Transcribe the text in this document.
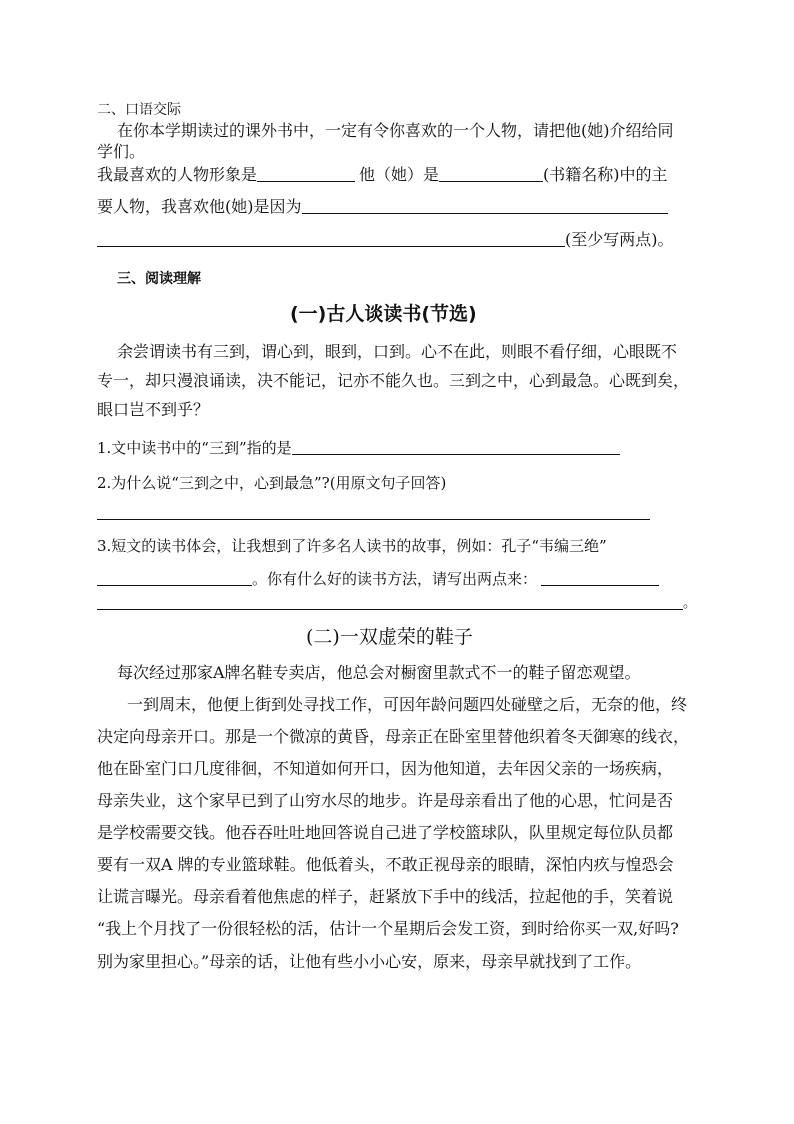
二、口语交际
在你本学期读过的课外书中，一定有令你喜欢的一个人物，请把他(她)介绍给同
学们。
我最喜欢的人物形象是	他（她）是	(书籍名称)中的主
要人物，我喜欢他(她)是因为
(至少写两点)。
三、阅读理解
(一)古人谈读书(节选)
余尝谓读书有三到，谓心到，眼到，口到。心不在此，则眼不看仔细，心眼既不
专一，却只漫浪诵读，决不能记，记亦不能久也。三到之中，心到最急。心既到矣，
眼口岂不到乎？
1.文中读书中的“三到”指的是
2.为什么说“三到之中，心到最急”?(用原文句子回答)
3.短文的读书体会，让我想到了许多名人读书的故事，例如：孔子“韦编三绝”
。你有什么好的读书方法，请写出两点来：
。
(二)一双虚荣的鞋子
每次经过那家A牌名鞋专卖店，他总会对橱窗里款式不一的鞋子留恋观望。
一到周末，他便上街到处寻找工作，可因年龄问题四处碰壁之后，无奈的他，终
决定向母亲开口。那是一个微凉的黄昏，母亲正在卧室里替他织着冬天御寒的线衣，
他在卧室门口几度徘徊，不知道如何开口，因为他知道，去年因父亲的一场疾病，
母亲失业，这个家早已到了山穷水尽的地步。许是母亲看出了他的心思，忙问是否
是学校需要交钱。他吞吞吐吐地回答说自己进了学校篮球队，队里规定每位队员都
要有一双A 牌的专业篮球鞋。他低着头，不敢正视母亲的眼睛，深怕内疚与惶恐会
让谎言曝光。母亲看着他焦虑的样子，赶紧放下手中的线活，拉起他的手，笑着说
“我上个月找了一份很轻松的活，估计一个星期后会发工资，到时给你买一双,好吗?
别为家里担心。”母亲的话，让他有些小小心安，原来，母亲早就找到了工作。
